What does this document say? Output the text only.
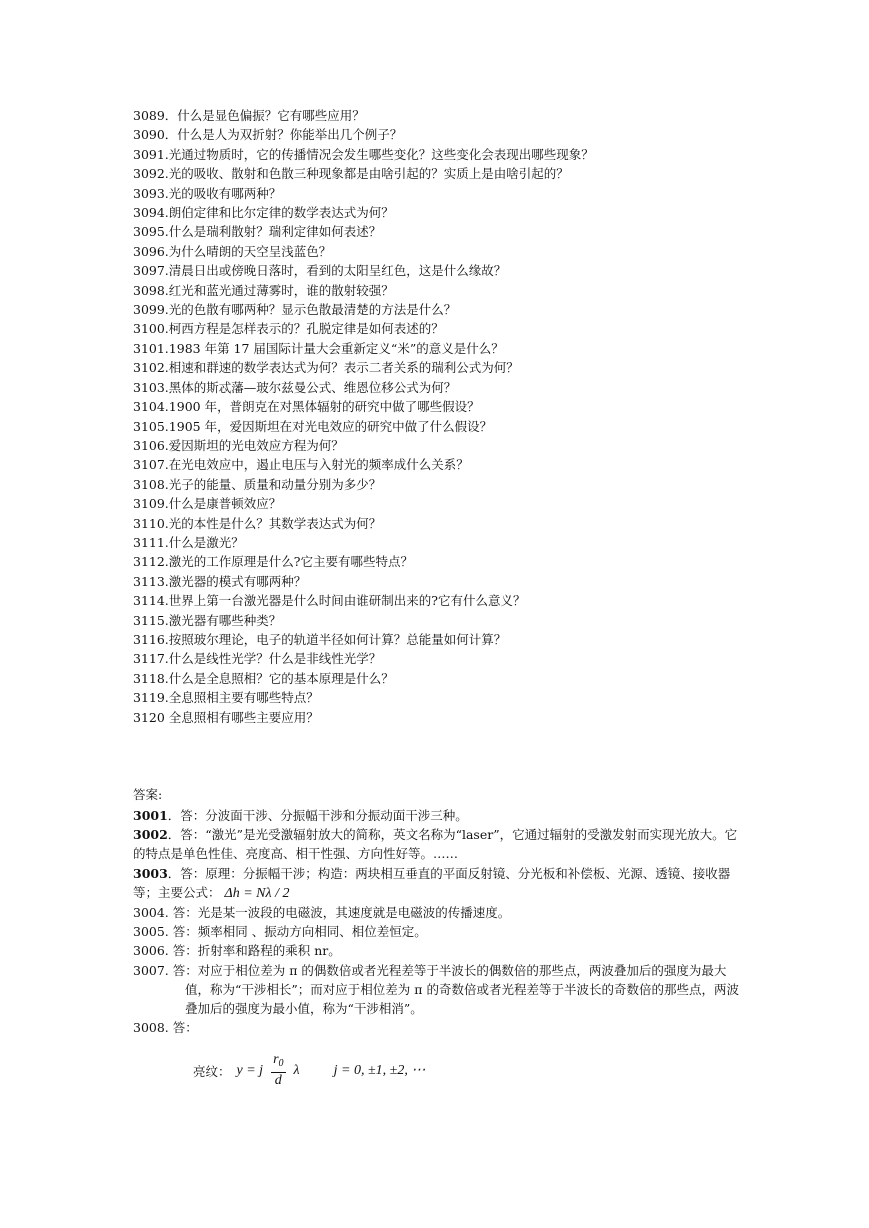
3089．什么是显色偏振？它有哪些应用？
3090．什么是人为双折射？你能举出几个例子？
3091.光通过物质时，它的传播情况会发生哪些变化？这些变化会表现出哪些现象？
3092.光的吸收、散射和色散三种现象都是由啥引起的？实质上是由啥引起的？
3093.光的吸收有哪两种？
3094.朗伯定律和比尔定律的数学表达式为何？
3095.什么是瑞利散射？瑞利定律如何表述？
3096.为什么晴朗的天空呈浅蓝色？
3097.清晨日出或傍晚日落时，看到的太阳呈红色，这是什么缘故？
3098.红光和蓝光通过薄雾时，谁的散射较强？
3099.光的色散有哪两种？显示色散最清楚的方法是什么？
3100.柯西方程是怎样表示的？孔脱定律是如何表述的？
3101.1983 年第 17 届国际计量大会重新定义“米”的意义是什么？
3102.相速和群速的数学表达式为何？表示二者关系的瑞利公式为何？
3103.黑体的斯忒藩—玻尔兹曼公式、维恩位移公式为何？
3104.1900 年，普朗克在对黑体辐射的研究中做了哪些假设？
3105.1905 年，爱因斯坦在对光电效应的研究中做了什么假设？
3106.爱因斯坦的光电效应方程为何？
3107.在光电效应中，遏止电压与入射光的频率成什么关系？
3108.光子的能量、质量和动量分别为多少？
3109.什么是康普顿效应？
3110.光的本性是什么？其数学表达式为何？
3111.什么是激光？
3112.激光的工作原理是什么?它主要有哪些特点？
3113.激光器的模式有哪两种？
3114.世界上第一台激光器是什么时间由谁研制出来的?它有什么意义？
3115.激光器有哪些种类？
3116.按照玻尔理论，电子的轨道半径如何计算？总能量如何计算？
3117.什么是线性光学？什么是非线性光学？
3118.什么是全息照相？它的基本原理是什么？
3119.全息照相主要有哪些特点？
3120 全息照相有哪些主要应用？
答案:
3001．答：分波面干涉、分振幅干涉和分振动面干涉三种。
3002．答：“激光”是光受激辐射放大的简称，英文名称为“laser”，它通过辐射的受激发射而实现光放大。它的特点是单色性佳、亮度高、相干性强、方向性好等。……
3003．答：原理：分振幅干涉；构造：两块相互垂直的平面反射镜、分光板和补偿板、光源、透镜、接收器等；主要公式： Δh = Nλ / 2
3004. 答：光是某一波段的电磁波，其速度就是电磁波的传播速度。
3005. 答：频率相同 、振动方向相同、相位差恒定。
3006. 答：折射率和路程的乘积 nr。
3007. 答：对应于相位差为 π 的偶数倍或者光程差等于半波长的偶数倍的那些点，两波叠加后的强度为最大值，称为“干涉相长”；而对应于相位差为 π 的奇数倍或者光程差等于半波长的奇数倍的那些点，两波叠加后的强度为最小值，称为“干涉相消”。
3008. 答：
亮纹： y = j $\frac{r_0}{d}$ λ j = 0, ±1, ±2, ⋯
